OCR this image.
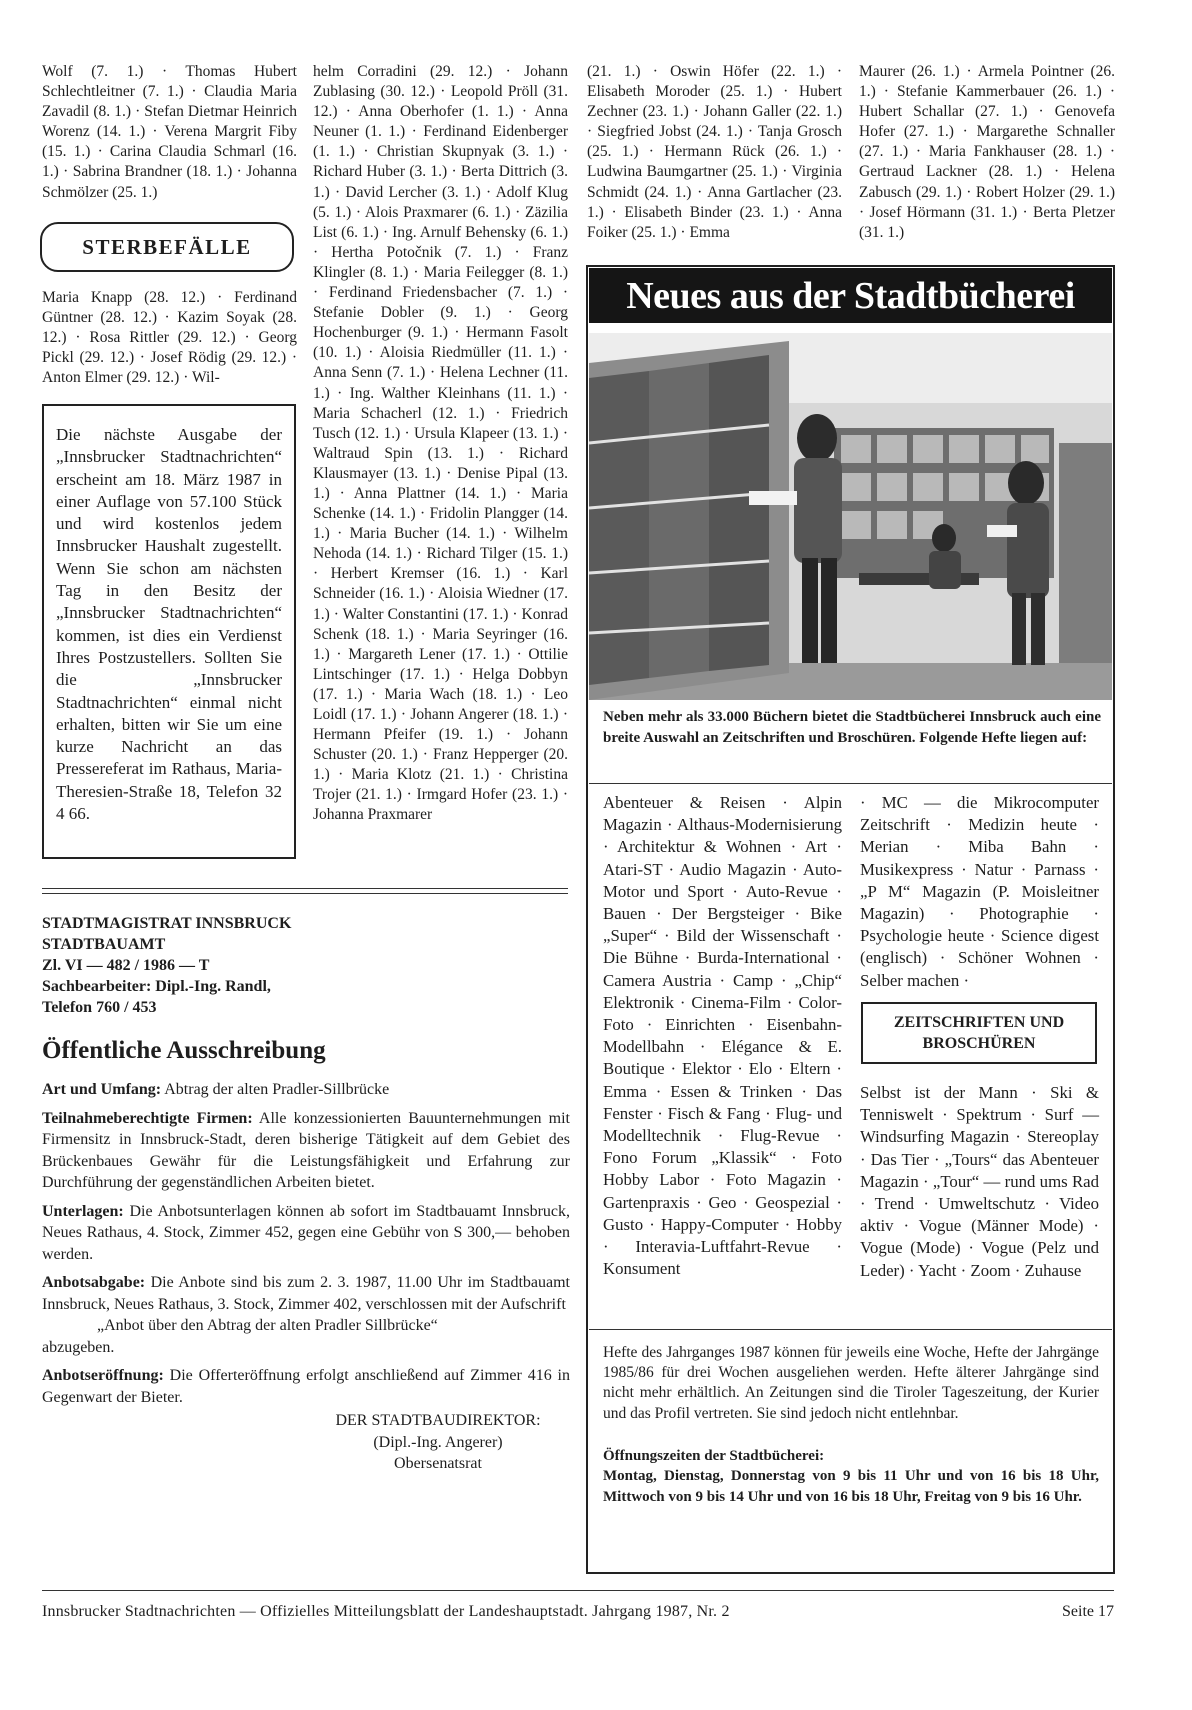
Wolf (7. 1.) · Thomas Hubert Schlechtleitner (7. 1.) · Claudia Maria Zavadil (8. 1.) · Stefan Dietmar Heinrich Worenz (14. 1.) · Verena Margrit Fiby (15. 1.) · Carina Claudia Schmarl (16. 1.) · Sabrina Brandner (18. 1.) · Johanna Schmölzer (25. 1.)
helm Corradini (29. 12.) · Johann Zublasing (30. 12.) · Leopold Pröll (31. 12.) · Anna Oberhofer (1. 1.) · Anna Neuner (1. 1.) · Ferdinand Eidenberger (1. 1.) · Christian Skupnyak (3. 1.) · Richard Huber (3. 1.) · Berta Dittrich (3. 1.) · David Lercher (3. 1.) · Adolf Klug (5. 1.) · Alois Praxmarer (6. 1.) · Zäzilia List (6. 1.) · Ing. Arnulf Behensky (6. 1.) · Hertha Potočnik (7. 1.) · Franz Klingler (8. 1.) · Maria Feilegger (8. 1.) · Ferdinand Friedensbacher (7. 1.) · Stefanie Dobler (9. 1.) · Georg Hochenburger (9. 1.) · Hermann Fasolt (10. 1.) · Aloisia Riedmüller (11. 1.) · Anna Senn (7. 1.) · Helena Lechner (11. 1.) · Ing. Walther Kleinhans (11. 1.) · Maria Schacherl (12. 1.) · Friedrich Tusch (12. 1.) · Ursula Klapeer (13. 1.) · Waltraud Spin (13. 1.) · Richard Klausmayer (13. 1.) · Denise Pipal (13. 1.) · Anna Plattner (14. 1.) · Maria Schenke (14. 1.) · Fridolin Plangger (14. 1.) · Maria Bucher (14. 1.) · Wilhelm Nehoda (14. 1.) · Richard Tilger (15. 1.) · Herbert Kremser (16. 1.) · Karl Schneider (16. 1.) · Aloisia Wiedner (17. 1.) · Walter Constantini (17. 1.) · Konrad Schenk (18. 1.) · Maria Seyringer (16. 1.) · Margareth Lener (17. 1.) · Ottilie Lintschinger (17. 1.) · Helga Dobbyn (17. 1.) · Maria Wach (18. 1.) · Leo Loidl (17. 1.) · Johann Angerer (18. 1.) · Hermann Pfeifer (19. 1.) · Johann Schuster (20. 1.) · Franz Hepperger (20. 1.) · Maria Klotz (21. 1.) · Christina Trojer (21. 1.) · Irmgard Hofer (23. 1.) · Johanna Praxmarer
(21. 1.) · Oswin Höfer (22. 1.) · Elisabeth Moroder (25. 1.) · Hubert Zechner (23. 1.) · Johann Galler (22. 1.) · Siegfried Jobst (24. 1.) · Tanja Grosch (25. 1.) · Hermann Rück (26. 1.) · Ludwina Baumgartner (25. 1.) · Virginia Schmidt (24. 1.) · Anna Gartlacher (23. 1.) · Elisabeth Binder (23. 1.) · Anna Foiker (25. 1.) · Emma
Maurer (26. 1.) · Armela Pointner (26. 1.) · Stefanie Kammerbauer (26. 1.) · Hubert Schallar (27. 1.) · Genovefa Hofer (27. 1.) · Margarethe Schnaller (27. 1.) · Maria Fankhauser (28. 1.) · Gertraud Lackner (28. 1.) · Helena Zabusch (29. 1.) · Robert Holzer (29. 1.) · Josef Hörmann (31. 1.) · Berta Pletzer (31. 1.)
STERBEFÄLLE
Maria Knapp (28. 12.) · Ferdinand Güntner (28. 12.) · Kazim Soyak (28. 12.) · Rosa Rittler (29. 12.) · Georg Pickl (29. 12.) · Josef Rödig (29. 12.) · Anton Elmer (29. 12.) · Wil-

Die nächste Ausgabe der „Innsbrucker Stadtnachrichten“ erscheint am 18. März 1987 in einer Auflage von 57.100 Stück und wird kostenlos jedem Innsbrucker Haushalt zugestellt. Wenn Sie schon am nächsten Tag in den Besitz der „Innsbrucker Stadtnachrichten“ kommen, ist dies ein Verdienst Ihres Postzustellers. Sollten Sie die „Innsbrucker Stadtnachrichten“ einmal nicht erhalten, bitten wir Sie um eine kurze Nachricht an das Pressereferat im Rathaus, Maria-Theresien-Straße 18, Telefon 32 4 66.

STADTMAGISTRAT INNSBRUCK
STADTBAUAMT
Zl. VI — 482 / 1986 — T
Sachbearbeiter: Dipl.-Ing. Randl,
Telefon 760 / 453
Öffentliche Ausschreibung

Art und Umfang: Abtrag der alten Pradler-Sillbrücke

Teilnahmeberechtigte Firmen: Alle konzessionierten Bauunternehmungen mit Firmensitz in Innsbruck-Stadt, deren bisherige Tätigkeit auf dem Gebiet des Brückenbaues Gewähr für die Leistungsfähigkeit und Erfahrung zur Durchführung der gegenständlichen Arbeiten bietet.

Unterlagen: Die Anbotsunterlagen können ab sofort im Stadtbauamt Innsbruck, Neues Rathaus, 4. Stock, Zimmer 452, gegen eine Gebühr von S 300,— behoben werden.

Anbotsabgabe: Die Anbote sind bis zum 2. 3. 1987, 11.00 Uhr im Stadtbauamt Innsbruck, Neues Rathaus, 3. Stock, Zimmer 402, verschlossen mit der Aufschrift

„Anbot über den Abtrag der alten Pradler Sillbrücke“

abzugeben.

Anbotseröffnung: Die Offerteröffnung erfolgt anschließend auf Zimmer 416 in Gegenwart der Bieter.

DER STADTBAUDIREKTOR:
(Dipl.-Ing. Angerer)
Obersenatsrat
Neues aus der Stadtbücherei
Neben mehr als 33.000 Büchern bietet die Stadtbücherei Innsbruck auch eine breite Auswahl an Zeitschriften und Broschüren. Folgende Hefte liegen auf:
Abenteuer & Reisen · Alpin Magazin · Althaus-Modernisierung · Architektur & Wohnen · Art · Atari-ST · Audio Magazin · Auto-Motor und Sport · Auto-Revue · Bauen · Der Bergsteiger · Bike „Super“ · Bild der Wissenschaft · Die Bühne · Burda-International · Camera Austria · Camp · „Chip“ Elektronik · Cinema-Film · Color-Foto · Einrichten · Eisenbahn-Modellbahn · Elégance & E. Boutique · Elektor · Elo · Eltern · Emma · Essen & Trinken · Das Fenster · Fisch & Fang · Flug- und Modelltechnik · Flug-Revue · Fono Forum „Klassik“ · Foto Hobby Labor · Foto Magazin · Gartenpraxis · Geo · Geospezial · Gusto · Happy-Computer · Hobby · Interavia-Luftfahrt-Revue · Konsument
· MC — die Mikrocomputer Zeitschrift · Medizin heute · Merian · Miba Bahn · Musikexpress · Natur · Parnass · „P M“ Magazin (P. Moisleitner Magazin) · Photographie · Psychologie heute · Science digest (englisch) · Schöner Wohnen · Selber machen ·
ZEITSCHRIFTEN UND BROSCHÜREN
Selbst ist der Mann · Ski & Tenniswelt · Spektrum · Surf — Windsurfing Magazin · Stereoplay · Das Tier · „Tours“ das Abenteuer Magazin · „Tour“ — rund ums Rad · Trend · Umweltschutz · Video aktiv · Vogue (Männer Mode) · Vogue (Mode) · Vogue (Pelz und Leder) · Yacht · Zoom · Zuhause
Hefte des Jahrganges 1987 können für jeweils eine Woche, Hefte der Jahrgänge 1985/86 für drei Wochen ausgeliehen werden. Hefte älterer Jahrgänge sind nicht mehr erhältlich. An Zeitungen sind die Tiroler Tageszeitung, der Kurier und das Profil vertreten. Sie sind jedoch nicht entlehnbar.
Öffnungszeiten der Stadtbücherei:
Montag, Dienstag, Donnerstag von 9 bis 11 Uhr und von 16 bis 18 Uhr, Mittwoch von 9 bis 14 Uhr und von 16 bis 18 Uhr, Freitag von 9 bis 16 Uhr.
Innsbrucker Stadtnachrichten — Offizielles Mitteilungsblatt der Landeshauptstadt. Jahrgang 1987, Nr. 2	Seite 17
